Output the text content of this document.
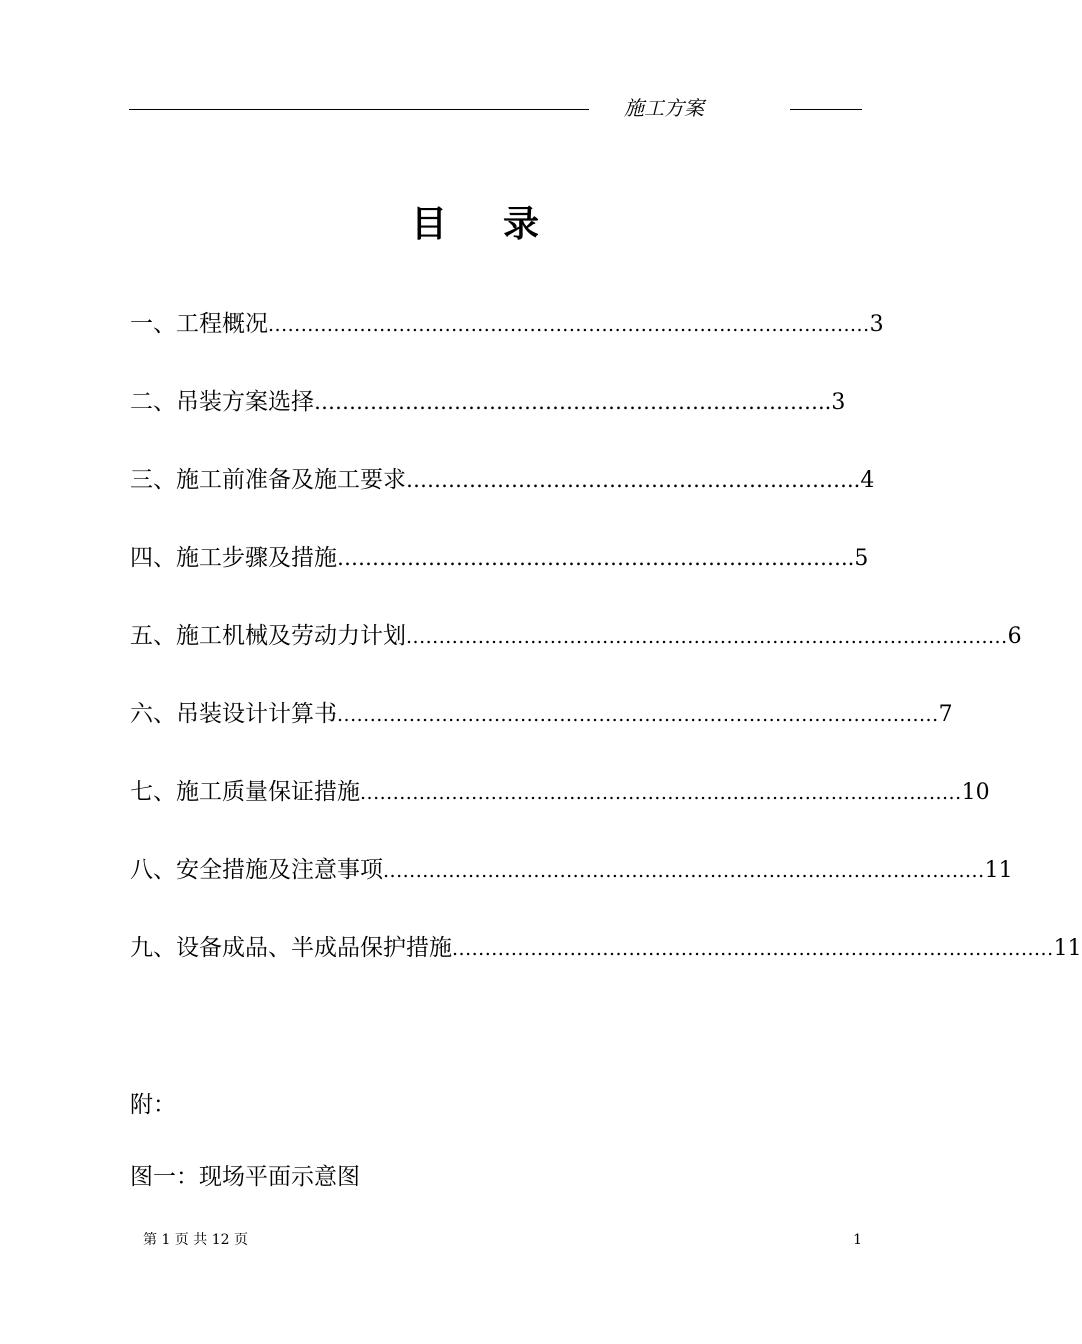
施工方案
目录
一、工程概况 ............................................................................................ 3
二、吊装方案选择 ……………………………………………………………….. 3
三、施工前准备及施工要求 ……………………………………………………….. 4
四、施工步骤及措施 ……………………………………………………………….. 5
五、施工机械及劳动力计划 ............................................................................................ 6
六、吊装设计计算书 ............................................................................................ 7
七、施工质量保证措施 ............................................................................................ 10
八、安全措施及注意事项 ............................................................................................ 11
九、设备成品、半成品保护措施 ............................................................................................ 11
附：
图一：现场平面示意图
第 1 页 共 12 页	1
